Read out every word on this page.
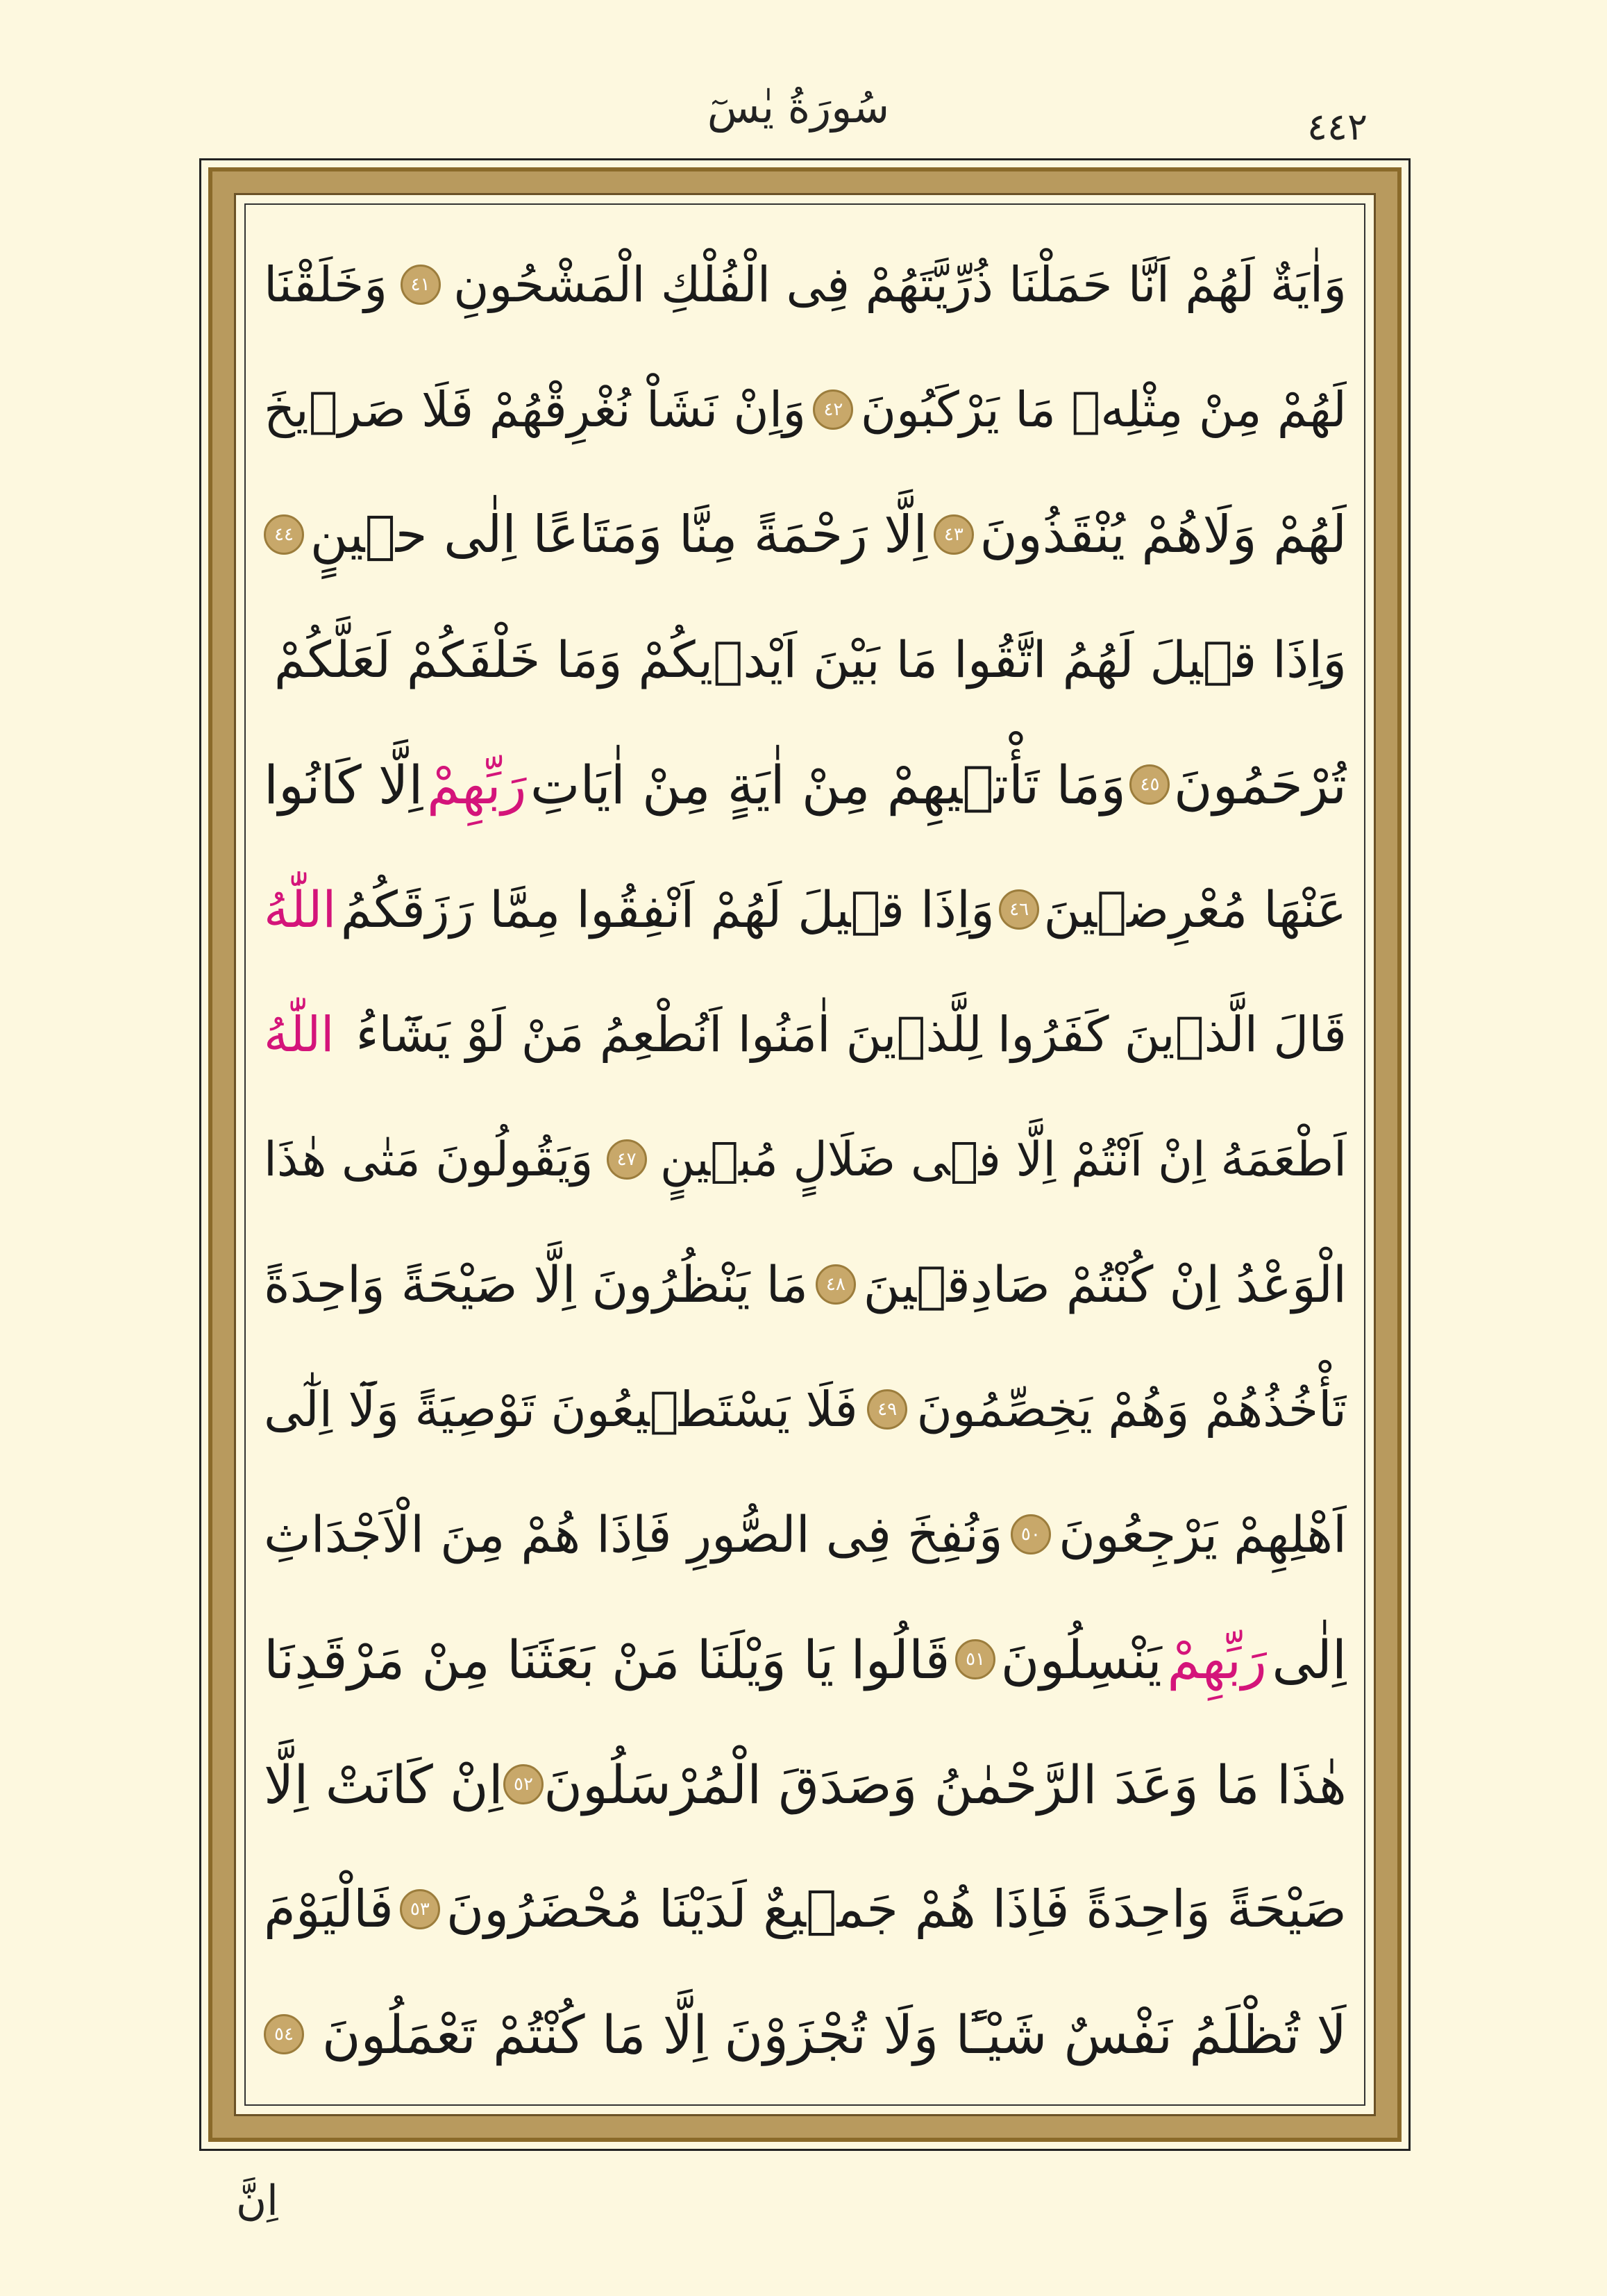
سُورَةُ يٰسٓ	٤٤٢
وَاٰيَةٌ لَهُمْ اَنَّا حَمَلْنَا ذُرِّيَّتَهُمْ فِى الْفُلْكِ الْمَشْحُونِ
٤١
وَخَلَقْنَا
لَهُمْ مِنْ مِثْلِه۪ مَا يَرْكَبُونَ
٤٢
وَاِنْ نَشَاْ نُغْرِقْهُمْ فَلَا صَر۪يخَ
لَهُمْ وَلَاهُمْ يُنْقَذُونَ
٤٣
اِلَّا رَحْمَةً مِنَّا وَمَتَاعًا اِلٰى ح۪ينٍ
٤٤
وَاِذَا ق۪يلَ لَهُمُ اتَّقُوا مَا بَيْنَ اَيْد۪يكُمْ وَمَا خَلْفَكُمْ لَعَلَّكُمْ
تُرْحَمُونَ
٤٥
وَمَا تَأْت۪يهِمْ مِنْ اٰيَةٍ مِنْ اٰيَاتِ
رَبِّهِمْ
اِلَّا كَانُوا
عَنْهَا مُعْرِض۪ينَ
٤٦
وَاِذَا ق۪يلَ لَهُمْ اَنْفِقُوا مِمَّا رَزَقَكُمُ
اللّٰهُ
قَالَ الَّذ۪ينَ كَفَرُوا لِلَّذ۪ينَ اٰمَنُوا اَنُطْعِمُ مَنْ لَوْ يَشَٓاءُ
اللّٰهُ
اَطْعَمَهُ اِنْ اَنْتُمْ اِلَّا ف۪ى ضَلَالٍ مُب۪ينٍ
٤٧
وَيَقُولُونَ مَتٰى هٰذَا
الْوَعْدُ اِنْ كُنْتُمْ صَادِق۪ينَ
٤٨
مَا يَنْظُرُونَ اِلَّا صَيْحَةً وَاحِدَةً
تَأْخُذُهُمْ وَهُمْ يَخِصِّمُونَ
٤٩
فَلَا يَسْتَط۪يعُونَ تَوْصِيَةً وَلَٓا اِلٰٓى
اَهْلِهِمْ يَرْجِعُونَ
٥٠
وَنُفِخَ فِى الصُّورِ فَاِذَا هُمْ مِنَ الْاَجْدَاثِ
اِلٰى
رَبِّهِمْ
يَنْسِلُونَ
٥١
قَالُوا يَا وَيْلَنَا مَنْ بَعَثَنَا مِنْ مَرْقَدِنَا
هٰذَا مَا وَعَدَ الرَّحْمٰنُ وَصَدَقَ الْمُرْسَلُونَ
٥٢
اِنْ كَانَتْ اِلَّا
صَيْحَةً وَاحِدَةً فَاِذَا هُمْ جَم۪يعٌ لَدَيْنَا مُحْضَرُونَ
٥٣
فَالْيَوْمَ
لَا تُظْلَمُ نَفْسٌ شَيْـًٔا وَلَا تُجْزَوْنَ اِلَّا مَا كُنْتُمْ تَعْمَلُونَ
٥٤
اِنَّ
